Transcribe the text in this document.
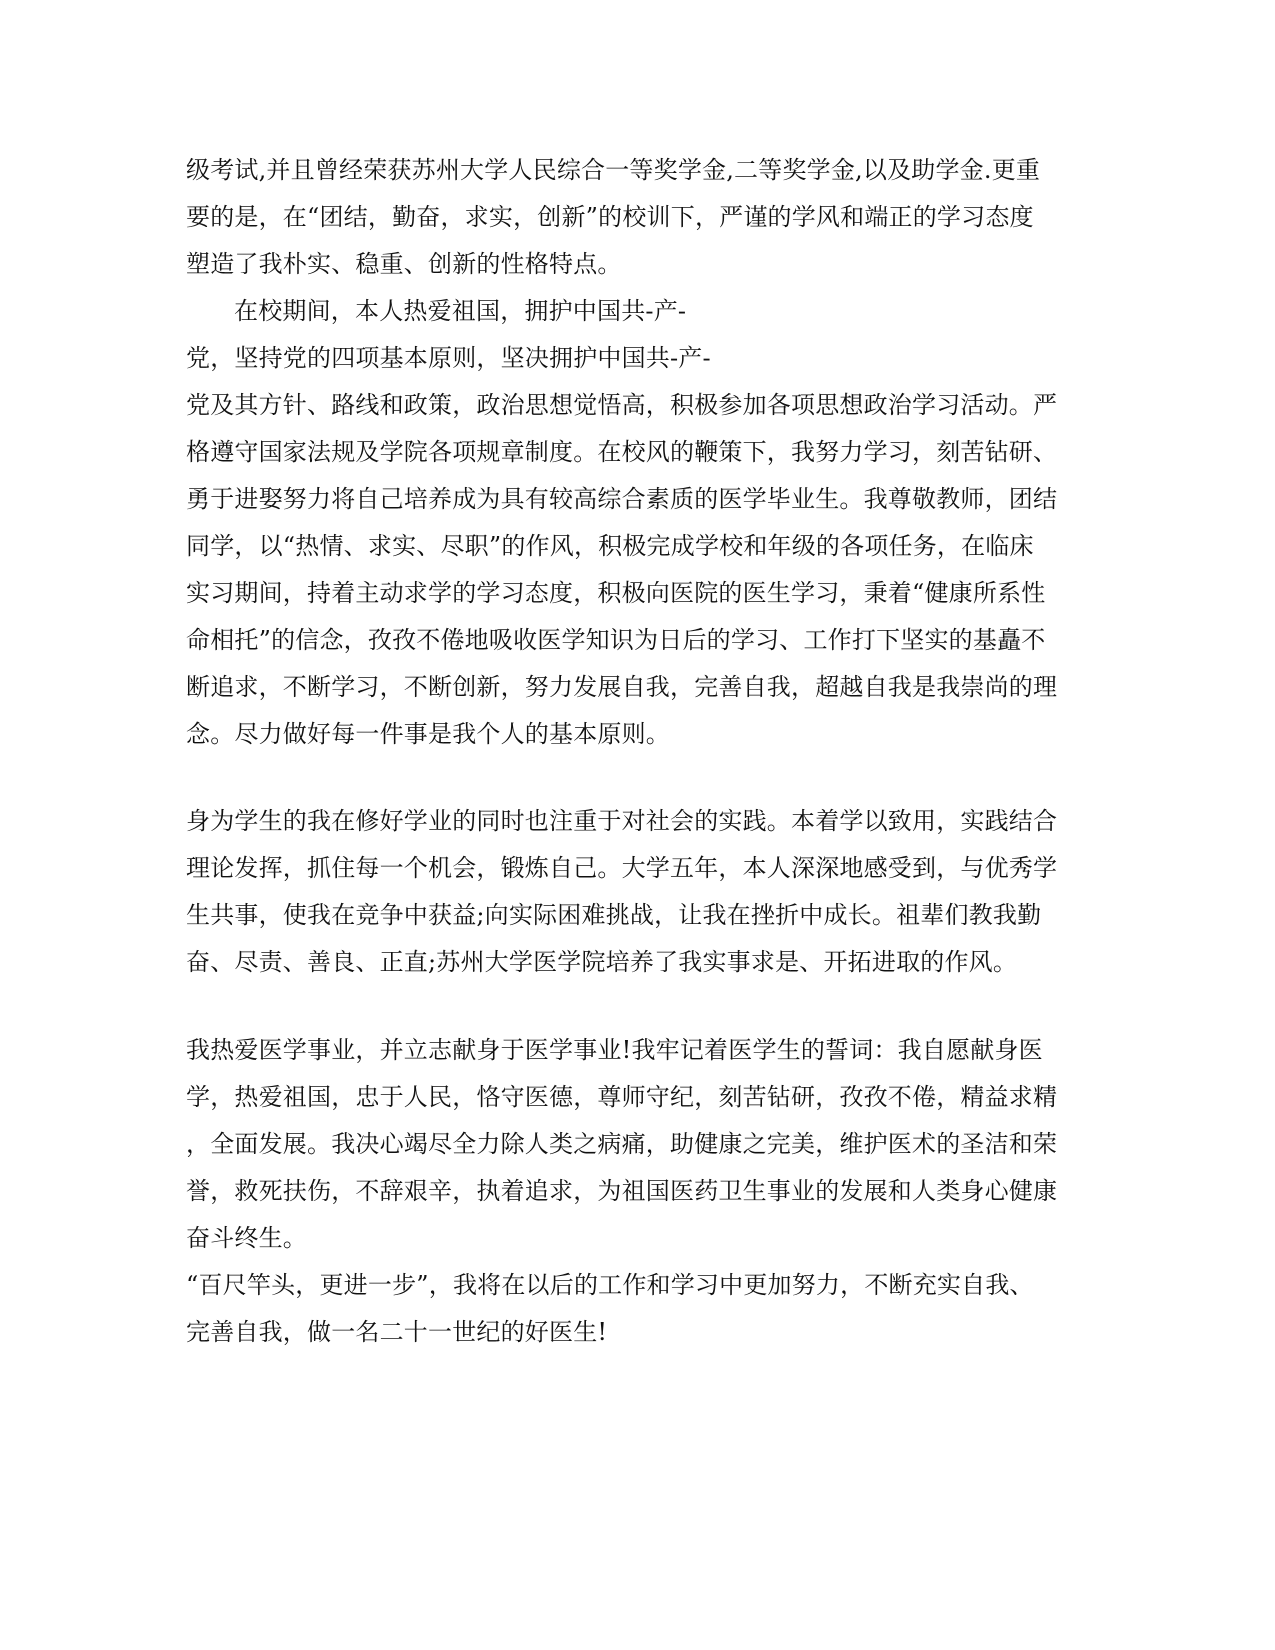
级考试,并且曾经荣获苏州大学人民综合一等奖学金,二等奖学金,以及助学金.更重
要的是，在“团结，勤奋，求实，创新”的校训下，严谨的学风和端正的学习态度
塑造了我朴实、稳重、创新的性格特点。
在校期间，本人热爱祖国，拥护中国共-产-
党，坚持党的四项基本原则，坚决拥护中国共-产-
党及其方针、路线和政策，政治思想觉悟高，积极参加各项思想政治学习活动。严
格遵守国家法规及学院各项规章制度。在校风的鞭策下，我努力学习，刻苦钻研、
勇于进娶努力将自己培养成为具有较高综合素质的医学毕业生。我尊敬教师，团结
同学，以“热情、求实、尽职”的作风，积极完成学校和年级的各项任务，在临床
实习期间，持着主动求学的学习态度，积极向医院的医生学习，秉着“健康所系性
命相托”的信念，孜孜不倦地吸收医学知识为日后的学习、工作打下坚实的基矗不
断追求，不断学习，不断创新，努力发展自我，完善自我，超越自我是我崇尚的理
念。尽力做好每一件事是我个人的基本原则。
身为学生的我在修好学业的同时也注重于对社会的实践。本着学以致用，实践结合
理论发挥，抓住每一个机会，锻炼自己。大学五年，本人深深地感受到，与优秀学
生共事，使我在竞争中获益;向实际困难挑战，让我在挫折中成长。祖辈们教我勤
奋、尽责、善良、正直;苏州大学医学院培养了我实事求是、开拓进取的作风。
我热爱医学事业，并立志献身于医学事业!我牢记着医学生的誓词：我自愿献身医
学，热爱祖国，忠于人民，恪守医德，尊师守纪，刻苦钻研，孜孜不倦，精益求精
，全面发展。我决心竭尽全力除人类之病痛，助健康之完美，维护医术的圣洁和荣
誉，救死扶伤，不辞艰辛，执着追求，为祖国医药卫生事业的发展和人类身心健康
奋斗终生。
“百尺竿头，更进一步”，我将在以后的工作和学习中更加努力，不断充实自我、
完善自我，做一名二十一世纪的好医生!
